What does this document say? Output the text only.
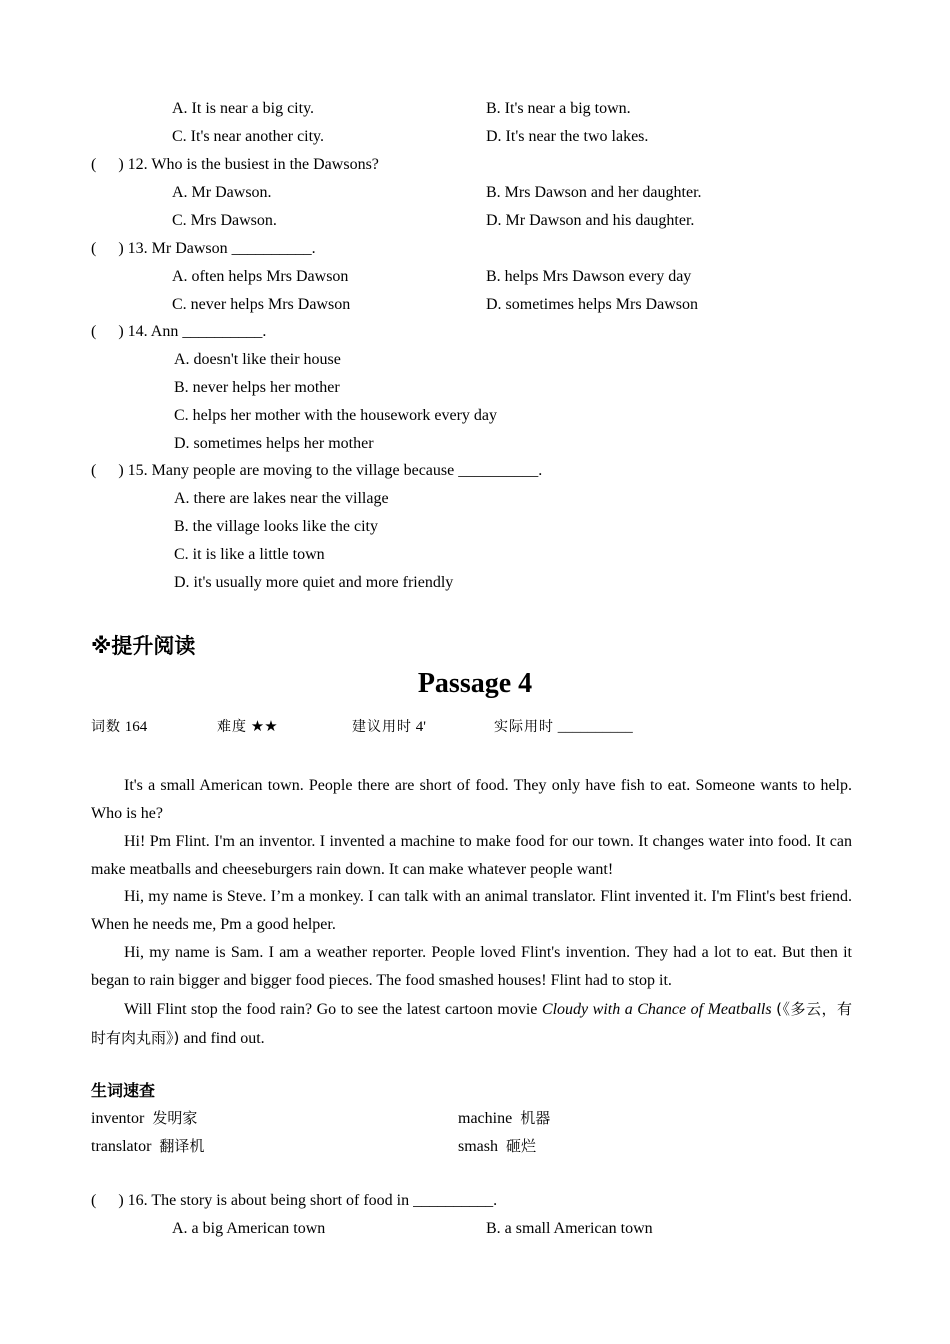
A. It is near a big city.	B. It's near a big town.
C. It's near another city.	D. It's near the two lakes.
( ) 12. Who is the busiest in the Dawsons?
A. Mr Dawson.	B. Mrs Dawson and her daughter.
C. Mrs Dawson.	D. Mr Dawson and his daughter.
( ) 13. Mr Dawson __________.
A. often helps Mrs Dawson	B. helps Mrs Dawson every day
C. never helps Mrs Dawson	D. sometimes helps Mrs Dawson
( ) 14. Ann __________.
A. doesn't like their house
B. never helps her mother
C. helps her mother with the housework every day
D. sometimes helps her mother
( ) 15. Many people are moving to the village because __________.
A. there are lakes near the village
B. the village looks like the city
C. it is like a little town
D. it's usually more quiet and more friendly
※提升阅读
Passage 4
词数 164	难度 ★★	建议用时 4'	实际用时 __________
It's a small American town. People there are short of food. They only have fish to eat. Someone wants to help. Who is he?
Hi! Pm Flint. I'm an inventor. I invented a machine to make food for our town. It changes water into food. It can make meatballs and cheeseburgers rain down. It can make whatever people want!
Hi, my name is Steve. I’m a monkey. I can talk with an animal translator. Flint invented it. I'm Flint's best friend. When he needs me, Pm a good helper.
Hi, my name is Sam. I am a weather reporter. People loved Flint's invention. They had a lot to eat. But then it began to rain bigger and bigger food pieces. The food smashed houses! Flint had to stop it.
Will Flint stop the food rain? Go to see the latest cartoon movie Cloudy with a Chance of Meatballs (《多云，有时有肉丸雨》) and find out.
生词速查
inventor 发明家	machine 机器
translator 翻译机	smash 砸烂
( ) 16. The story is about being short of food in __________.
A. a big American town	B. a small American town
